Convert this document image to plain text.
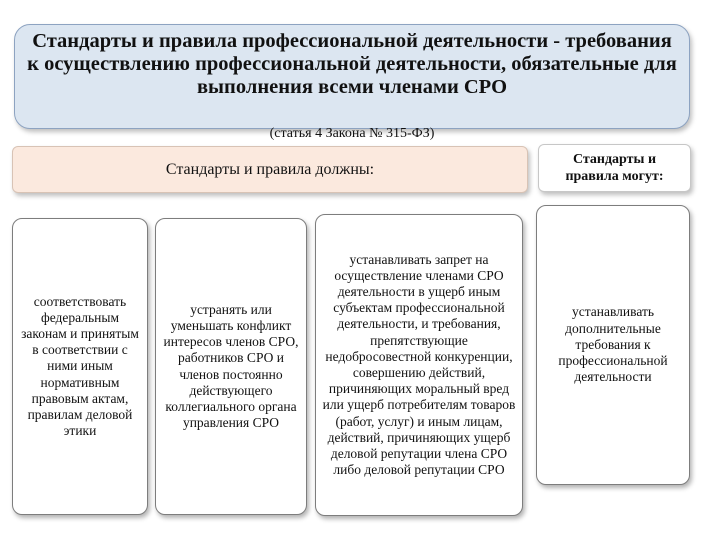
Стандарты и правила профессиональной деятельности - требования к осуществлению профессиональной деятельности, обязательные для выполнения всеми членами СРО
(статья 4 Закона № 315-ФЗ)
Стандарты и правила должны:
Стандарты и правила могут:
соответствовать федеральным законам и принятым в соответствии с ними иным нормативным правовым актам, правилам деловой этики
устранять или уменьшать конфликт интересов членов СРО, работников СРО и членов постоянно действующего коллегиального органа управления СРО
устанавливать запрет на осуществление членами СРО деятельности в ущерб иным субъектам профессиональной деятельности, и требования, препятствующие недобросовестной конкуренции, совершению действий, причиняющих моральный вред или ущерб потребителям товаров (работ, услуг) и иным лицам, действий, причиняющих ущерб деловой репутации члена СРО либо деловой репутации СРО
устанавливать дополнительные требования к профессиональной деятельности
